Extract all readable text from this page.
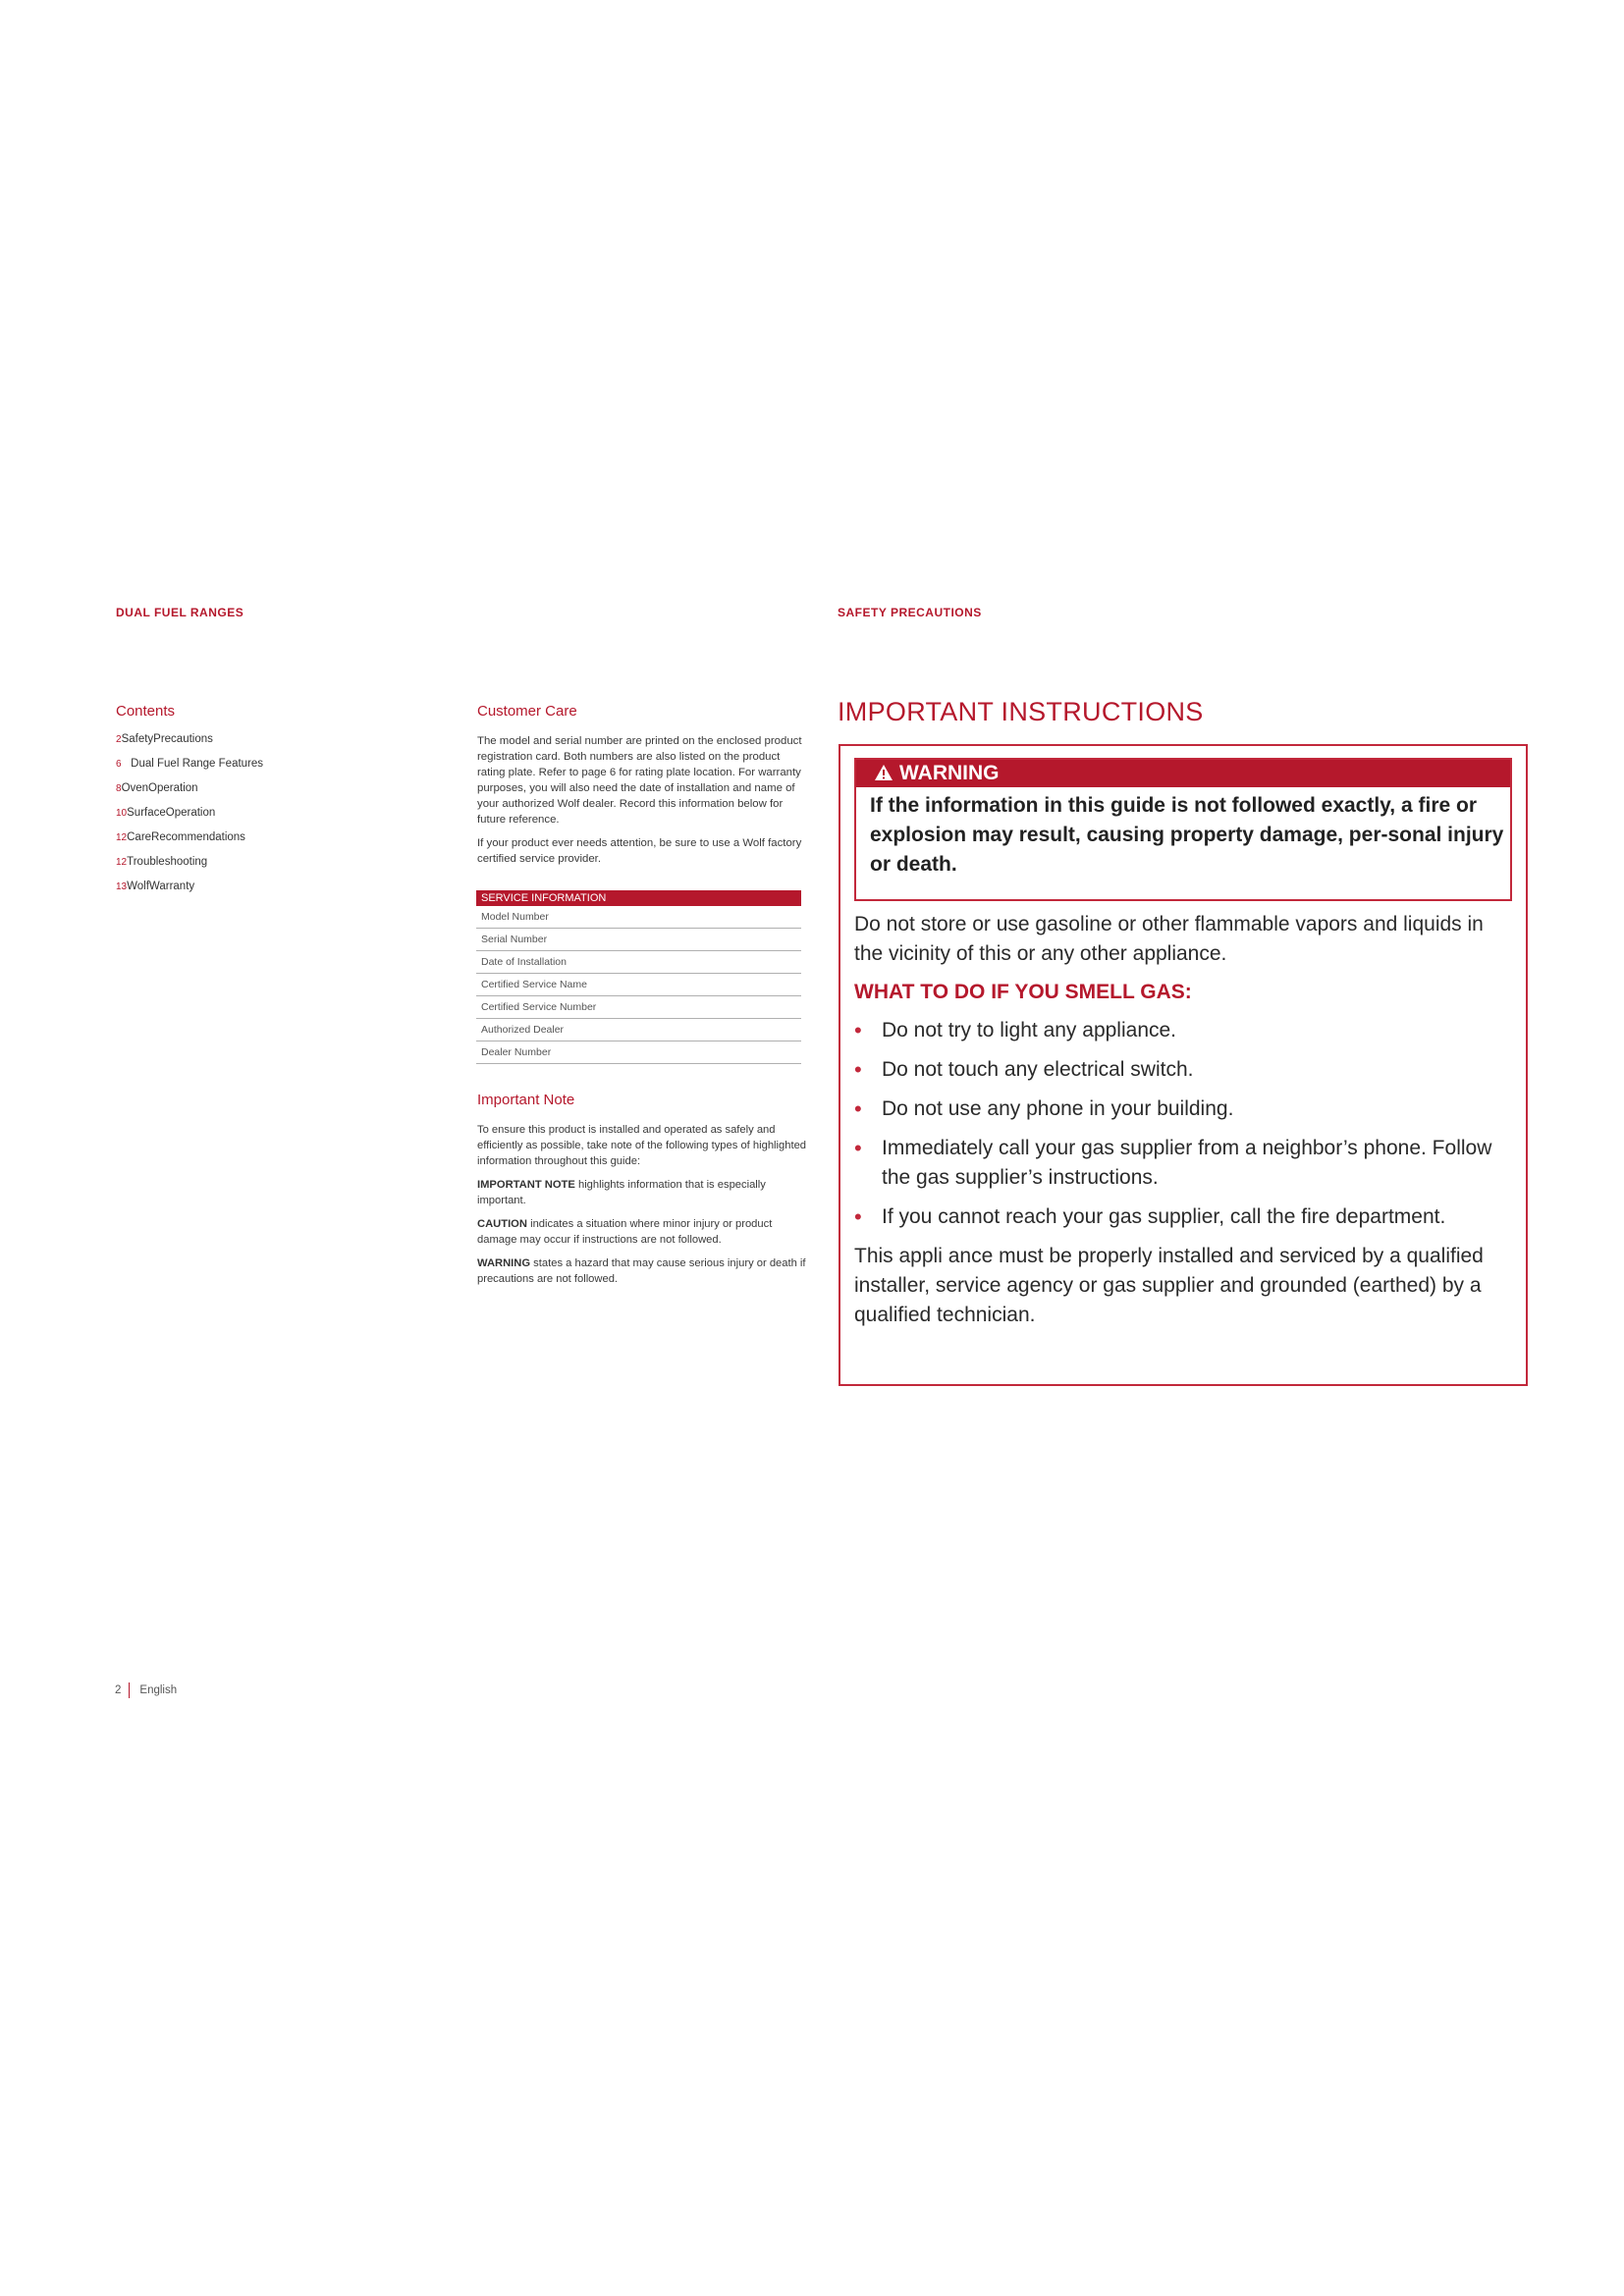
DUAL FUEL RANGES
Contents
2SafetyPrecautions
6 Dual Fuel Range Features
8OvenOperation
10SurfaceOperation
12CareRecommendations
12Troubleshooting
13WolfWarranty
Customer Care

The model and serial number are printed on the enclosed product registration card. Both numbers are also listed on the product rating plate. Refer to page 6 for rating plate location. For warranty purposes, you will also need the date of installation and name of your authorized Wolf dealer. Record this information below for future reference.

If your product ever needs attention, be sure to use a Wolf factory certified service provider.

SERVICE INFORMATION
Model Number
Serial Number
Date of Installation
Certified Service Name
Certified Service Number
Authorized Dealer
Dealer Number
Important Note

To ensure this product is installed and operated as safely and efficiently as possible, take note of the following types of highlighted information throughout this guide:

IMPORTANT NOTE highlights information that is especially important.

CAUTION indicates a situation where minor injury or product damage may occur if instructions are not followed.

WARNING states a hazard that may cause serious injury or death if precautions are not followed.

2 English
SAFETY PRECAUTIONS
IMPORTANT INSTRUCTIONS
WARNING
If the information in this guide is not followed exactly, a fire or explosion may result, causing property damage, per-sonal injury or death.

Do not store or use gasoline or other flammable vapors and liquids in the vicinity of this or any other appliance.

WHAT TO DO IF YOU SMELL GAS:
• Do not try to light any appliance.
• Do not touch any electrical switch.
• Do not use any phone in your building.
• Immediately call your gas supplier from a neighbor’s phone. Follow the gas supplier’s instructions.
• If you cannot reach your gas supplier, call the fire department.

This appli ance must be properly installed and serviced by a qualified installer, service agency or gas supplier and grounded (earthed) by a qualified technician.
